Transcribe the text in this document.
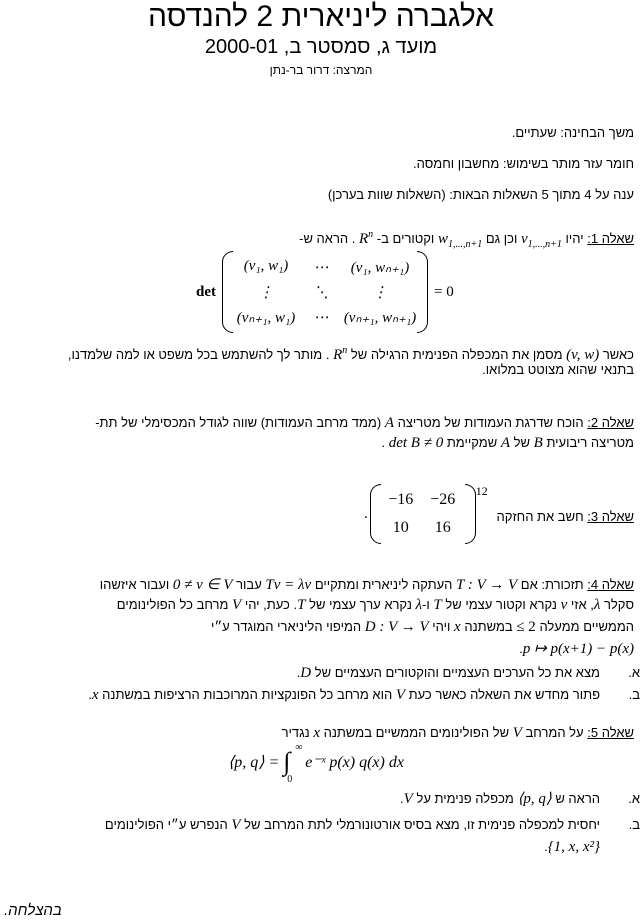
אלגברה ליניארית 2 להנדסה
מועד ג, סמסטר ב, 2000-01
המרצה: דרור בר-נתן
משך הבחינה: שעתיים.
חומר עזר מותר בשימוש: מחשבון וחמסה.
ענה על 4 מתוך 5 השאלות הבאות: (השאלות שוות בערכן)
שאלה 1: יהיו $v_{1,...,n+1}$ וכן גם $w_{1,...,n+1}$ וקטורים ב- $R^n$ . הראה ש-
det
(v₁, w₁)	⋯	(v₁, wₙ₊₁)
⋮	⋱	⋮
(vₙ₊₁, w₁)	⋯	(vₙ₊₁, wₙ₊₁)
= 0
כאשר (v, w) מסמן את המכפלה הפנימית הרגילה של $R^n$ . מותר לך להשתמש בכל משפט או למה שלמדנו,
בתנאי שהוא מצוטט במלואו.
שאלה 2: הוכח שדרגת העמודות של מטריצה A (ממד מרחב העמודות) שווה לגודל המכסימלי של תת-
מטריצה ריבועית B של A שמקיימת det B ≠ 0 .
שאלה 3: חשב את החזקה
.
−16	−26
10	16
12
שאלה 4: תזכורת: אם T : V → V העתקה ליניארית ומתקיים Tv = λv עבור 0 ≠ v ∈ V ועבור איזשהו
סקלר λ, אזי v נקרא וקטור עצמי של T ו-λ נקרא ערך עצמי של T. כעת, יהי V מרחב כל הפולינומים
הממשיים ממעלה ≤ 2 במשתנה x ויהי D : V → V המיפוי הליניארי המוגדר ע״י
p ↦ p(x+1) − p(x).
א.
מצא את כל הערכים העצמיים והוקטורים העצמיים של D.
ב.
פתור מחדש את השאלה כאשר כעת V הוא מרחב כל הפונקציות המרוכבות הרציפות במשתנה x.
שאלה 5: על המרחב V של הפולינומים הממשיים במשתנה x נגדיר
⟨p, q⟩ = ∫ ∞
0
e⁻ˣ p(x) q(x) dx
א.
הראה ש ⟨p, q⟩ מכפלה פנימית על V.
ב.
יחסית למכפלה פנימית זו, מצא בסיס אורטונורמלי לתת המרחב של V הנפרש ע״י הפולינומים
{1, x, x²}.
בהצלחה.
